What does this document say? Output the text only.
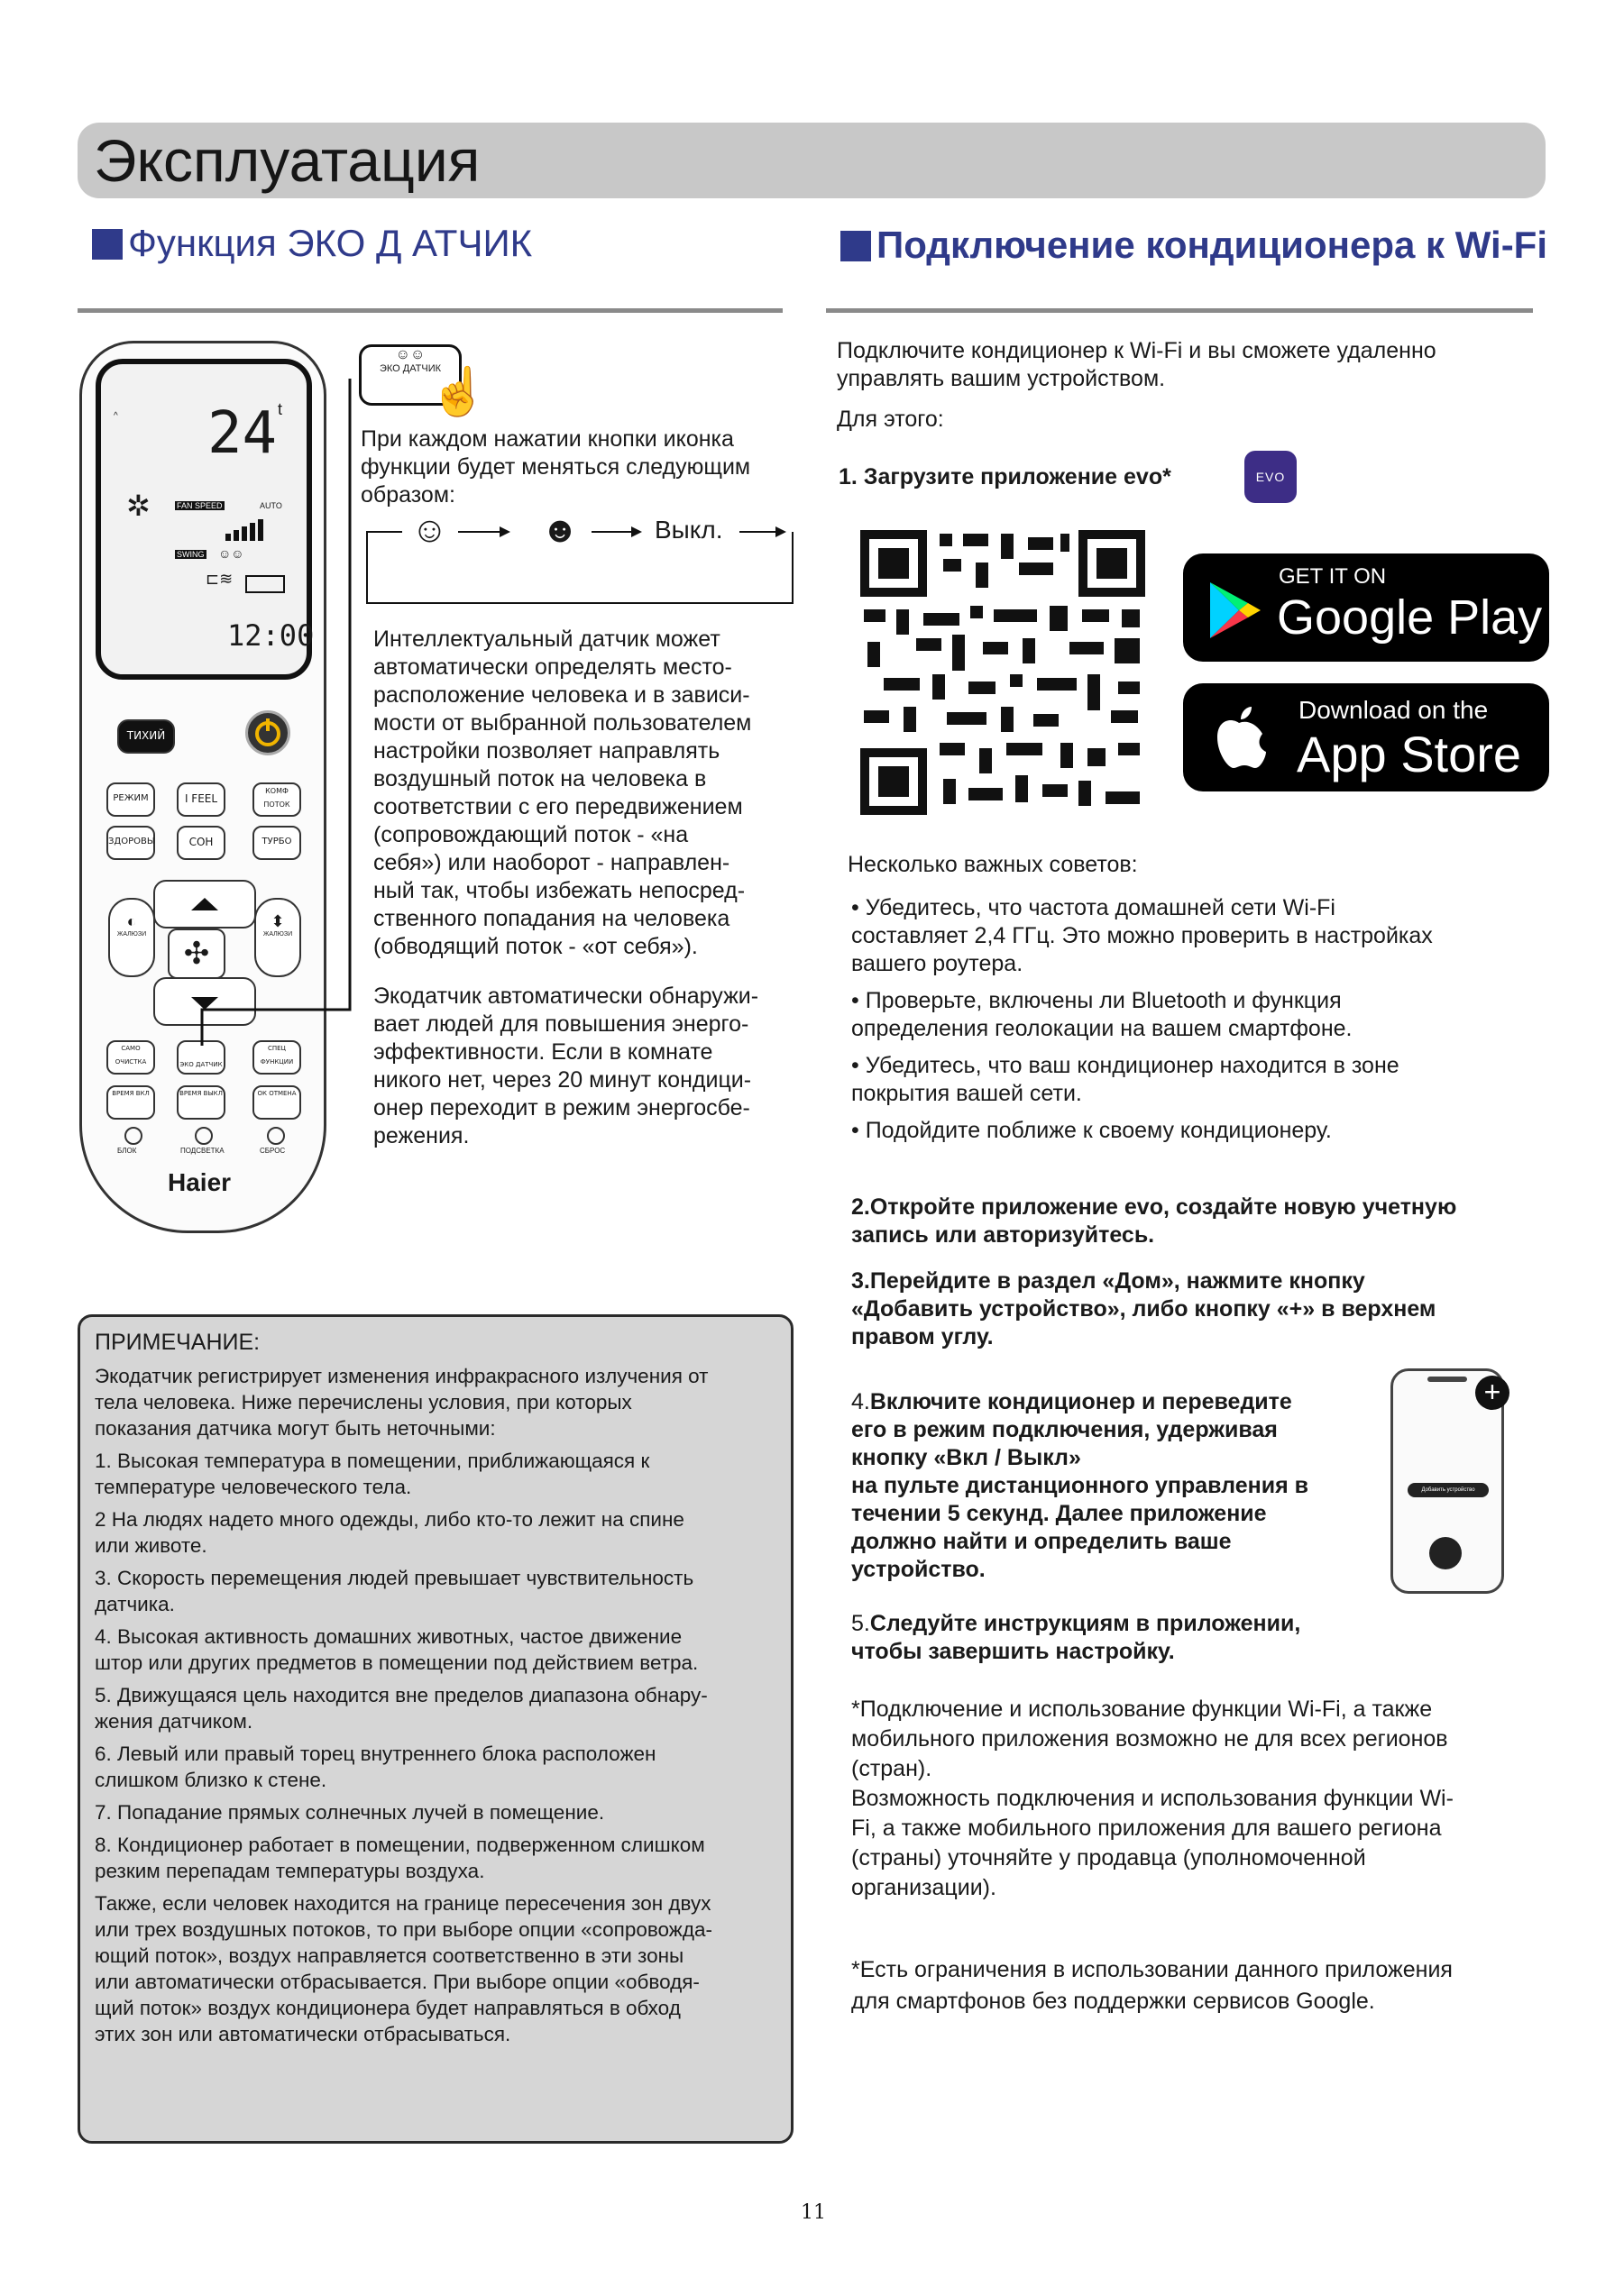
Эксплуатация
Функция ЭКО Д АТЧИК
^ 24 t
✲	FAN SPEED	AUTO
SWING ☺☺
⊏≋
12:00
ТИХИЙ
РЕЖИМ	I FEEL
КОМФ ПОТОК
ЗДОРОВЫ	СОН	ТУРБО
◐
ЖАЛЮЗИ
⬍
ЖАЛЮЗИ
✣
САМО ОЧИСТКА	ЭКО ДАТЧИК
СПЕЦ ФУНКЦИИ
ВРЕМЯ ВКЛ	ВРЕМЯ ВЫКЛ	ОК ОТМЕНА
БЛОК	ПОДСВЕТКА	СБРОС
Haier
☺☺
ЭКО ДАТЧИК
☝
При каждом нажатии кнопки иконка
функции будет меняться следующим
образом:
☺	☻	Выкл.
Интеллектуальный датчик может
автоматически определять место-
расположение человека и в зависи-
мости от выбранной пользователем
настройки позволяет направлять
воздушный поток на человека в
соответствии с его передвижением
(сопровождающий поток - «на
себя») или наоборот - направлен-
ный так, чтобы избежать непосред-
ственного попадания на человека
(обводящий поток - «от себя»).
Экодатчик автоматически обнаружи-
вает людей для повышения энерго-
эффективности. Если в комнате
никого нет, через 20 минут кондици-
онер переходит в режим энергосбе-
режения.

ПРИМЕЧАНИЕ:

Экодатчик регистрирует изменения инфракрасного излучения от
тела человека. Ниже перечислены условия, при которых
показания датчика могут быть неточными:

1. Высокая температура в помещении, приближающаяся к
температуре человеческого тела.

2 На людях надето много одежды, либо кто-то лежит на спине
или животе.

3. Скорость перемещения людей превышает чувствительность
датчика.

4. Высокая активность домашних животных, частое движение
штор или других предметов в помещении под действием ветра.

5. Движущаяся цель находится вне пределов диапазона обнару-
жения датчиком.

6. Левый или правый торец внутреннего блока расположен
слишком близко к стене.

7. Попадание прямых солнечных лучей в помещение.

8. Кондиционер работает в помещении, подверженном слишком
резким перепадам температуры воздуха.

Также, если человек находится на границе пересечения зон двух
или трех воздушных потоков, то при выборе опции «сопровожда-
ющий поток», воздух направляется соответственно в эти зоны
или автоматически отбрасывается. При выборе опции «обводя-
щий поток» воздух кондиционера будет направляться в обход
этих зон или автоматически отбрасываться.

Подключение кондиционера к Wi-Fi
Подключите кондиционер к Wi-Fi и вы сможете удаленно
управлять вашим устройством.
Для этого:
1. Загрузите приложение evo*	EVO
GET IT ON
Google Play
Download on the
App Store
Несколько важных советов:
• Убедитесь, что частота домашней сети Wi-Fi
составляет 2,4 ГГц. Это можно проверить в настройках
вашего роутера.
• Проверьте, включены ли Bluetooth и функция
определения геолокации на вашем смартфоне.
• Убедитесь, что ваш кондиционер находится в зоне
покрытия вашей сети.
• Подойдите поближе к своему кондиционеру.
2.Откройте приложение evo, создайте новую учетную
запись или авторизуйтесь.
3.Перейдите в раздел «Дом», нажмите кнопку
«Добавить устройство», либо кнопку «+» в верхнем
правом углу.
4.Включите кондиционер и переведите
его в режим подключения, удерживая
кнопку «Вкл / Выкл»
на пульте дистанционного управления в
течении 5 секунд. Далее приложение
должно найти и определить ваше
устройство.
Добавить устройство
+
5.Следуйте инструкциям в приложении,
чтобы завершить настройку.
*Подключение и использование функции Wi-Fi, а также
мобильного приложения возможно не для всех регионов
(стран).
Возможность подключения и использования функции Wi-
Fi, а также мобильного приложения для вашего региона
(страны) уточняйте у продавца (уполномоченной
организации).
*Есть ограничения в использовании данного приложения
для смартфонов без поддержки сервисов Google.
11
